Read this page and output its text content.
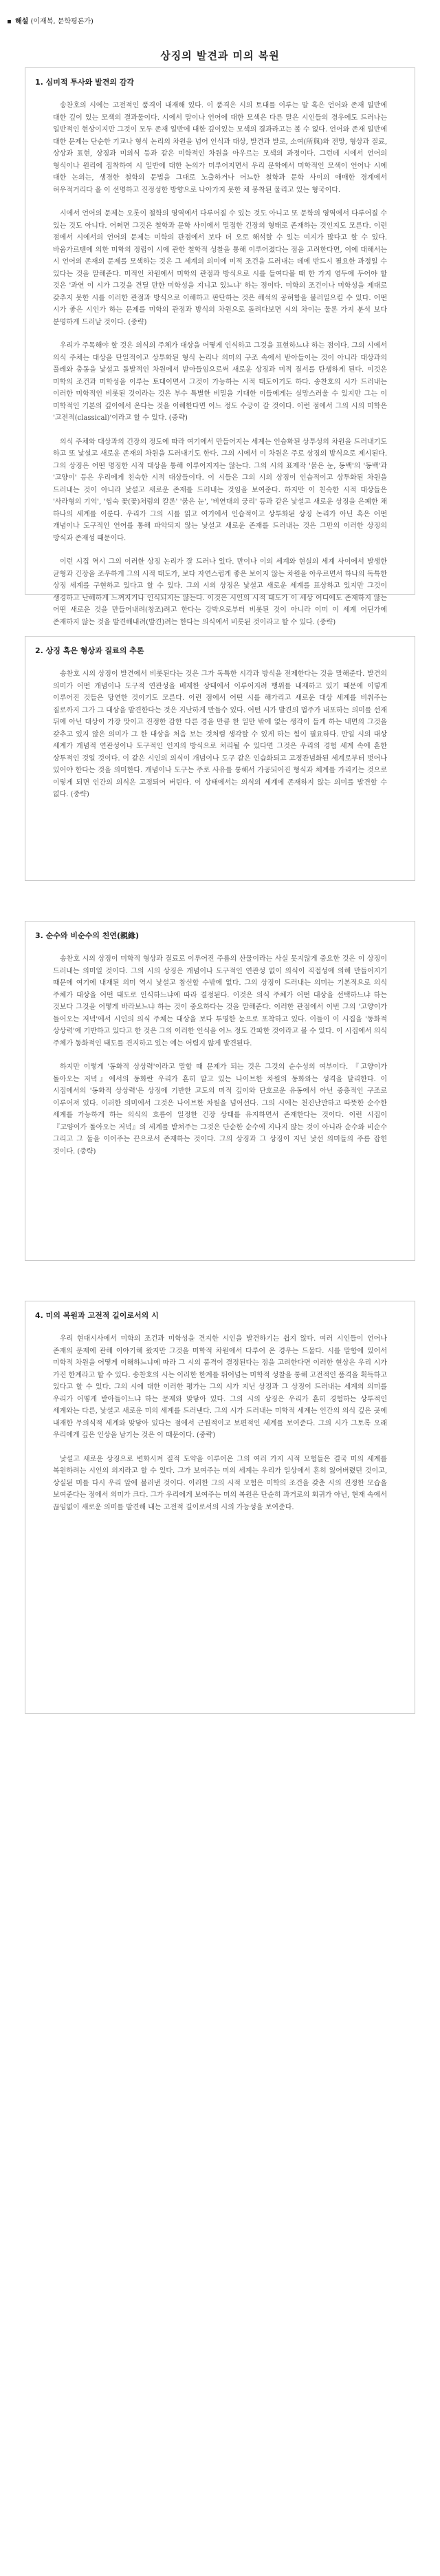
▪ 해설 (이재복, 문학평론가)
상징의 발견과 미의 복원
1. 심미적 투사와 발견의 감각

송찬호의 시에는 고전적인 품격이 내재해 있다. 이 품격은 시의 토대를 이루는 말 혹은 언어와 존재 일반에 대한 깊이 있는 모색의 결과물이다. 시에서 말이나 언어에 대한 모색은 다른 말은 시인들의 경우에도 드러나는 일반적인 현상이지만 그것이 모두 존재 일반에 대한 깊이있는 모색의 결과라고는 볼 수 없다. 언어와 존재 일반에 대한 문제는 단순한 기교나 형식 논리의 차원을 넘어 인식과 대상, 발견과 발로, 소여(所與)와 전망, 형상과 질료, 상상과 표현, 상징과 미의식 등과 같은 미학적인 차원을 아우르는 모색의 과정이다. 그런데 시에서 언어의 형식이나 원리에 집착하여 시 일반에 대한 논의가 미루어지면서 우리 문학에서 미학적인 모색이 언어나 시에 대한 논의는, 생경한 철학의 문법을 그대로 노출하거나 어느한 철학과 문학 사이의 애매한 경계에서 허우적거리다 올 이 선명하고 진정성한 방향으로 나아가지 못한 채 봉착된 물리고 있는 형국이다.

시에서 언어의 문제는 오롯이 철학의 영역에서 다루어질 수 있는 것도 아니고 또 문학의 영역에서 다루어질 수 있는 것도 아니다. 어쩌면 그것은 철학과 문학 사이에서 밀접한 긴장의 형태로 존재하는 것인지도 모른다. 이런 점에서 시에서의 언어의 문제는 미학의 관점에서 보다 더 오로 해석할 수 있는 여지가 많다고 할 수 있다. 바움가르텐에 의한 미학의 정립이 시에 관한 철학적 성찰을 통해 이루어졌다는 점을 고려한다면, 이에 대해서는 시 언어의 존재의 문제를 모색하는 것은 그 세계의 의미에 미적 조건을 드러내는 데에 반드시 필요한 과정일 수 있다는 것을 말해준다. 미적인 차원에서 미학의 관점과 방식으로 시를 들여다볼 때 한 가지 염두에 두어야 할 것은 '과연 이 시가 그것을 견딜 만한 미학성을 지니고 있느냐' 하는 점이다. 미학의 조건이나 미학성을 제대로 갖추지 못한 시를 이러한 관점과 방식으로 이해하고 판단하는 것은 해석의 공허함을 불러일으킬 수 있다. 어떤 시가 좋은 시인가 하는 문제를 미학의 관점과 방식의 차원으로 돌려다보면 시의 차이는 물론 가지 분석 보다 분명하게 드러날 것이다. (중략)

우리가 주목해야 할 것은 의식의 주체가 대상을 어떻게 인식하고 그것을 표현하느냐 하는 점이다. 그의 시에서 의식 주체는 대상을 단일적이고 상투화된 형식 논리나 의미의 구조 속에서 받아들이는 것이 아니라 대상과의 풀레와 충동을 낯설고 돌발적인 차원에서 받아들임으로써 새로운 상징과 미적 질서를 탄생하게 된다. 이것은 미학의 조건과 미학성을 이루는 토대이면서 그것이 가능하는 시적 태도이기도 하다. 송찬호의 시가 드러내는 이러한 미학적인 비롯된 것이라는 것은 부수 특별한 비밀을 기대한 이들에게는 실망스러울 수 있지만 그는 이 미학적인 기본의 깊이에서 온다는 것을 이해한다면 어느 정도 수긍이 갈 것이다. 이런 점에서 그의 시의 미학은 '고전적(classical)'이라고 할 수 있다. (중략)

의식 주체와 대상과의 긴장의 정도에 따라 여기에서 만들어지는 세계는 인습화된 상투성의 차원을 드러내기도 하고 또 낯설고 새로운 존재의 차원을 드러내기도 한다. 그의 시에서 이 차원은 주로 상징의 방식으로 제시된다. 그의 상징은 어떤 명징한 시적 대상을 통해 이루어지지는 않는다. 그의 시의 표제작 '붉은 눈, 동백'의 '동백'과 '고양이' 등은 우리에게 친숙한 시적 대상들이다. 이 시들은 그의 시의 상징이 인습적이고 상투화된 차원을 드러내는 것이 아니라 낯설고 새로운 존재를 드러내는 것임을 보여준다. 하지만 이 친숙한 시적 대상들은 '사라형의 기억', '씹숙 꽃(꽃)처럼의 칼론' '붉은 눈', '비연대의 궁리' 등과 같은 낯설고 새로운 상징을 은폐한 채 하나의 세계를 이룬다. 우리가 그의 시를 읽고 여기에서 인습적이고 상투화된 상징 논리가 아닌 혹은 어떤 개념이나 도구적인 언어를 통해 파악되지 않는 낯설고 새로운 존재를 드러내는 것은 그만의 이러한 상징의 방식과 존재성 때문이다.

이런 시집 역시 그의 이러한 상징 논리가 잘 드러나 있다. 만이나 이의 세계와 현실의 세계 사이에서 발생한 균형과 긴장을 조우하게 그의 시적 태도가, 보다 자연스럽게 좋은 보이지 않는 차원을 아우르면서 하나의 독특한 상징 세계를 구현하고 있다고 할 수 있다. 그의 시의 상징은 낯설고 새로운 세계를 표상하고 있지만 그것이 생경하고 난해하게 느껴지거나 인식되지는 않는다. 이것은 시인의 시적 태도가 이 세상 어디에도 존재하지 않는 어떤 새로운 것을 만들어내려(창조)려고 한다는 강박으로부터 비롯된 것이 아니라 이미 이 세계 어딘가에 존재하지 않는 것을 발견해내려(발견)려는 한다는 의식에서 비롯된 것이라고 할 수 있다. (중략)

2. 상징 혹은 형상과 질료의 추론

송찬호 시의 상징이 발견에서 비롯된다는 것은 그가 독특한 시각과 방식을 전제한다는 것을 말해준다. 발견의 의미가 어떤 개념이나 도구적 연관성을 배제한 상태에서 이루어지려 행위를 내재하고 있기 때문에 이렇게 이루어진 것들은 당연한 것이기도 모른다. 이런 점에서 어떤 시를 해가리고 새로운 대상 세계를 비춰주는 질로까지 그가 그 대상을 발견한다는 것은 지난하게 만들수 있다. 어떤 시가 발견의 법주가 내포하는 의미를 선재 뒤에 아닌 대상이 가장 맛이고 진정한 감한 다른 경을 만큼 한 일만 밖에 없는 생각이 들게 하는 내면의 그것을 갖추고 있지 않은 의미가 그 한 대상을 처음 보는 것처럼 생각할 수 있게 하는 힘이 필요하다. 만일 시의 대상 세계가 개념적 연관성이나 도구적인 인지의 방식으로 처리될 수 있다면 그것은 우리의 경험 세계 속에 흔한 상투적인 것일 것이다. 이 같은 시인의 의식이 개념이나 도구 같은 인습화되고 고정관념화된 세계로부터 벗어나 있어야 한다는 것을 의미한다. 개념이나 도구는 주로 사유를 통해서 가공되어진 형식과 체계를 가리키는 것으로 이렇게 되면 인간의 의식은 고정되어 버린다. 이 상태에서는 의식의 세계에 존재하지 않는 의미를 발견할 수 없다. (중략)

3. 순수와 비순수의 친연(親緣)

송찬호 시의 상징이 미학적 형상과 질료로 이루어진 주름의 산물이라는 사실 못지않게 중요한 것은 이 상징이 드러내는 의미일 것이다. 그의 시의 상징은 개념이나 도구적인 연관성 없이 의식이 직접성에 의해 만들어지기 때문에 여기에 내재된 의미 역시 낯설고 참신할 수밖에 없다. 그의 상징이 드러내는 의미는 기본적으로 의식 주체가 대상을 어떤 태도로 인식하느냐에 따라 결정된다. 이것은 의식 주체가 어떤 대상을 선택하느냐 하는 것보다 그것을 어떻게 바라보느냐 하는 것이 중요하다는 것을 말해준다. 이러한 관점에서 이번 그의 '고양이가 들어오는 저녁'에서 시인의 의식 주체는 대상을 보다 투명한 눈으로 포착하고 있다. 이들이 이 시집을 '동화적 상상력'에 기반하고 있다고 한 것은 그의 이러한 인식을 어느 정도 간파한 것이라고 볼 수 있다. 이 시집에서 의식 주체가 동화적인 태도를 견지하고 있는 예는 어렵지 않게 발견된다.

하지만 이렇게 '동화적 상상력'이라고 말할 때 문제가 되는 것은 그것의 순수성의 여부이다. 『고양이가 돌아오는 저녁』에서의 동화란 우리가 흔히 알고 있는 나이브한 차원의 동화와는 성격을 달리한다. 이 시집에서의 '동화적 상상력'은 상징에 기반한 고도의 미적 깊이와 단호로운 유동에서 아닌 중층적인 구조로 이루어져 있다. 이러한 의미에서 그것은 나이브한 차원을 넘어선다. 그의 시에는 천진난만하고 따뜻한 순수한 세계를 가능하게 하는 의식의 흐름이 일정한 긴장 상태를 유지하면서 존재한다는 것이다. 이런 시집이 『고양이가 돌아오는 저녁』의 세계를 받쳐주는 그것은 단순한 순수에 지나지 않는 것이 아니라 순수와 비순수 그리고 그 둘을 이어주는 끈으로서 존재하는 것이다. 그의 상징과 그 상징이 지닌 낯선 의미들의 주름 잡힌 것이다. (중략)

4. 미의 복원과 고전적 길이로서의 시

우리 현대시사에서 미학의 조건과 미학성을 견지한 시인을 발견하기는 쉽지 않다. 여러 시인들이 언어나 존재의 문제에 관해 이야기해 왔지만 그것을 미학적 차원에서 다루어 온 경우는 드물다. 시를 말함에 있어서 미학적 차원을 어떻게 이해하느냐에 따라 그 시의 품격이 결정된다는 점을 고려한다면 이러한 현상은 우리 시가 가진 한계라고 할 수 있다. 송찬호의 시는 이러한 한계를 뛰어넘는 미학적 성찰을 통해 고전적인 품격을 획득하고 있다고 할 수 있다. 그의 시에 대한 이러한 평가는 그의 시가 지닌 상징과 그 상징이 드러내는 세계의 의미를 우리가 어떻게 받아들이느냐 하는 문제와 맞닿아 있다. 그의 시의 상징은 우리가 흔히 경험하는 상투적인 세계와는 다른, 낯설고 새로운 미의 세계를 드러낸다. 그의 시가 드러내는 미학적 세계는 인간의 의식 깊은 곳에 내재한 무의식적 세계와 맞닿아 있다는 점에서 근원적이고 보편적인 세계를 보여준다. 그의 시가 그토록 오래 우리에게 깊은 인상을 남기는 것은 이 때문이다. (중략)

낯설고 새로운 상징으로 변화시켜 질적 도약을 이루어온 그의 여러 가지 시적 모험들은 결국 미의 세계를 복원하려는 시인의 의지라고 할 수 있다. 그가 보여주는 미의 세계는 우리가 일상에서 흔히 잃어버렸던 것이고, 상실된 미를 다시 우리 앞에 불러낸 것이다. 이러한 그의 시적 모험은 미학의 조건을 갖춘 시의 진정한 모습을 보여준다는 점에서 의미가 크다. 그가 우리에게 보여주는 미의 복원은 단순히 과거로의 회귀가 아닌, 현재 속에서 끊임없이 새로운 의미를 발견해 내는 고전적 길이로서의 시의 가능성을 보여준다.
